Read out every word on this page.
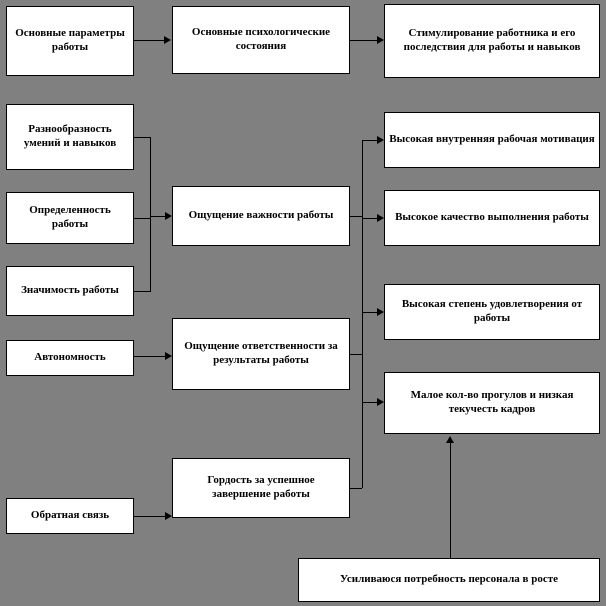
Основные параметры работы
Основные психологические состояния
Стимулирование работника и его последствия для работы и навыков
Разнообразность умений и навыков
Определенность работы
Значимость работы
Автономность
Обратная связь
Ощущение важности работы
Ощущение ответственности за результаты работы
Гордость за успешное завершение работы
Высокая внутренняя рабочая мотивация
Высокое качество выполнения работы
Высокая степень удовлетворения от работы
Малое кол-во прогулов и низкая текучесть кадров
Усиливаюся потребность персонала в росте
